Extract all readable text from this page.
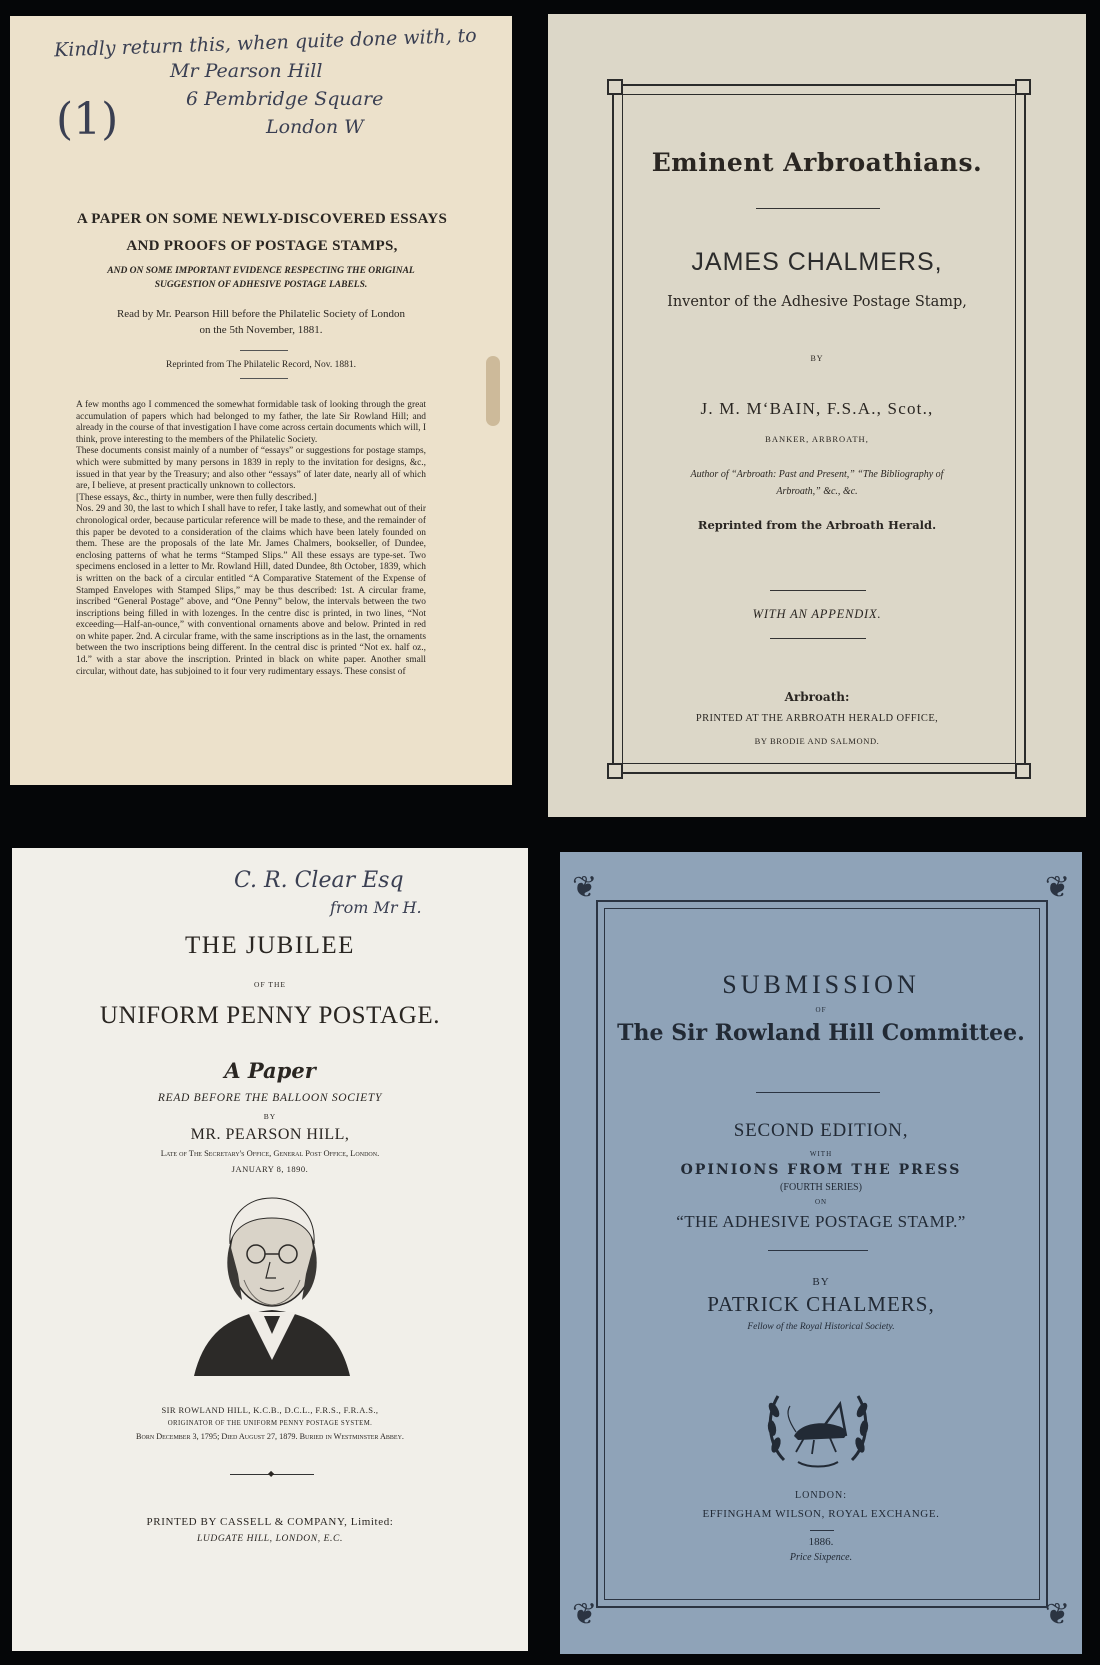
Kindly return this, when quite done with, to
Mr Pearson Hill
6 Pembridge Square
London W
(1)
A PAPER ON SOME NEWLY-DISCOVERED ESSAYS
AND PROOFS OF POSTAGE STAMPS,
AND ON SOME IMPORTANT EVIDENCE RESPECTING THE ORIGINAL
SUGGESTION OF ADHESIVE POSTAGE LABELS.
Read by Mr. Pearson Hill before the Philatelic Society of London
on the 5th November, 1881.
Reprinted from The Philatelic Record, Nov. 1881.

A few months ago I commenced the somewhat formidable task of looking through the great accumulation of papers which had belonged to my father, the late Sir Rowland Hill; and already in the course of that investigation I have come across certain documents which will, I think, prove interesting to the members of the Philatelic Society.

These documents consist mainly of a number of “essays” or suggestions for postage stamps, which were submitted by many persons in 1839 in reply to the invitation for designs, &c., issued in that year by the Treasury; and also other “essays” of later date, nearly all of which are, I believe, at present practically unknown to collectors.

[These essays, &c., thirty in number, were then fully described.]

Nos. 29 and 30, the last to which I shall have to refer, I take lastly, and somewhat out of their chronological order, because particular reference will be made to these, and the remainder of this paper be devoted to a consideration of the claims which have been lately founded on them. These are the proposals of the late Mr. James Chalmers, bookseller, of Dundee, enclosing patterns of what he terms “Stamped Slips.” All these essays are type-set. Two specimens enclosed in a letter to Mr. Rowland Hill, dated Dundee, 8th October, 1839, which is written on the back of a circular entitled “A Comparative Statement of the Expense of Stamped Envelopes with Stamped Slips,” may be thus described: 1st. A circular frame, inscribed “General Postage” above, and “One Penny” below, the intervals between the two inscriptions being filled in with lozenges. In the centre disc is printed, in two lines, “Not exceeding—Half-an-ounce,” with conventional ornaments above and below. Printed in red on white paper. 2nd. A circular frame, with the same inscriptions as in the last, the ornaments between the two inscriptions being different. In the central disc is printed “Not ex. half oz., 1d.” with a star above the inscription. Printed in black on white paper. Another small circular, without date, has subjoined to it four very rudimentary essays. These consist of

Eminent Arbroathians.
JAMES CHALMERS,
Inventor of the Adhesive Postage Stamp,
BY
J. M. M‘BAIN, F.S.A., Scot.,
BANKER, ARBROATH,
Author of “Arbroath: Past and Present,” “The Bibliography of
Arbroath,” &c., &c.
Reprinted from the Arbroath Herald.
WITH AN APPENDIX.
Arbroath:
PRINTED AT THE ARBROATH HERALD OFFICE,
BY BRODIE AND SALMOND.
C. R. Clear Esq
from Mr H.
THE JUBILEE
OF THE
UNIFORM PENNY POSTAGE.
A Paper
READ BEFORE THE BALLOON SOCIETY
BY
MR. PEARSON HILL,
Late of The Secretary's Office, General Post Office, London.
JANUARY 8, 1890.
SIR ROWLAND HILL, K.C.B., D.C.L., F.R.S., F.R.A.S.,
ORIGINATOR OF THE UNIFORM PENNY POSTAGE SYSTEM.
Born December 3, 1795; Died August 27, 1879. Buried in Westminster Abbey.
◆
PRINTED BY CASSELL & COMPANY, Limited:
LUDGATE HILL, LONDON, E.C.
❦	❦
❦	❦
SUBMISSION
OF
The Sir Rowland Hill Committee.
SECOND EDITION,
WITH
OPINIONS FROM THE PRESS
(FOURTH SERIES)
ON
“THE ADHESIVE POSTAGE STAMP.”
BY
PATRICK CHALMERS,
Fellow of the Royal Historical Society.
LONDON:
EFFINGHAM WILSON, ROYAL EXCHANGE.
1886.
Price Sixpence.
